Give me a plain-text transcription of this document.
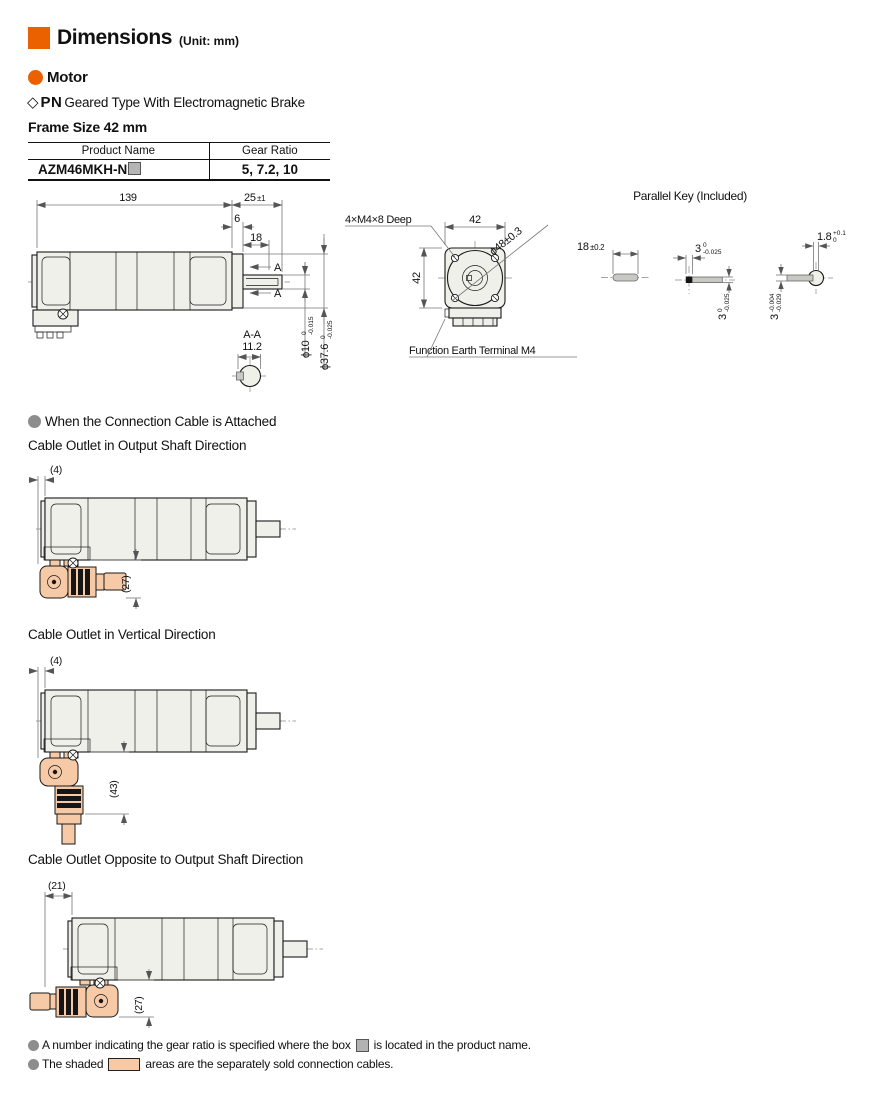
Dimensions (Unit: mm)
Motor
◇ PN Geared Type With Electromagnetic Brake
Frame Size 42 mm
Product Name	Gear Ratio
AZM46MKH-N	5, 7.2, 10
139	25 ±1
6
18
A
A
A-A
11.2	ϕ10
0 -0.015
ϕ37.6
0 -0.025
4×M4×8 Deep	42
42
ϕ48±0.3
Function Earth Terminal M4
Parallel Key (Included)
18 ±0.2	3 0
-0.025
3
0 -0.025
1.8 +0.1
0
3
-0.004 -0.029
When the Connection Cable is Attached
Cable Outlet in Output Shaft Direction
(4)
(27)
Cable Outlet in Vertical Direction
(4)
(43)
Cable Outlet Opposite to Output Shaft Direction
(21)
(27)
A number indicating the gear ratio is specified where the box is located in the product name.
The shaded	areas are the separately sold connection cables.
